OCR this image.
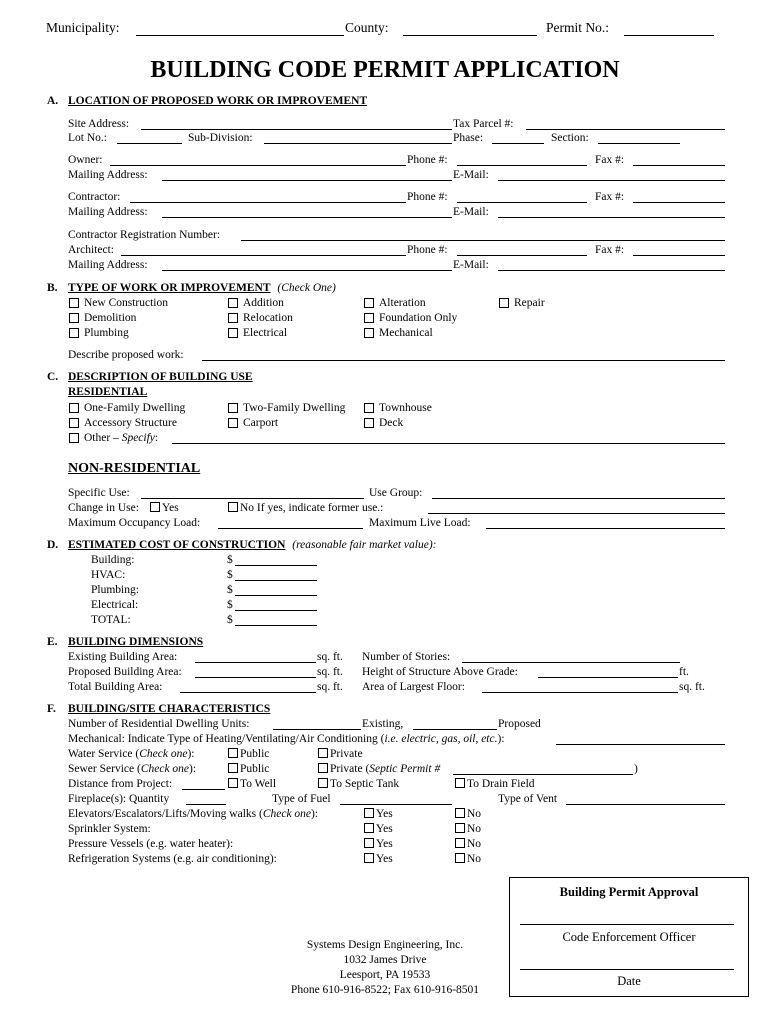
Municipality:	County:	Permit No.:
BUILDING CODE PERMIT APPLICATION
A. LOCATION OF PROPOSED WORK OR IMPROVEMENT
Site Address:	Tax Parcel #:
Lot No.:	Sub-Division:	Phase:	Section:
Owner:	Phone #:	Fax #:
Mailing Address:	E-Mail:
Contractor:	Phone #:	Fax #:
Mailing Address:	E-Mail:
Contractor Registration Number:
Architect:	Phone #:	Fax #:
Mailing Address:	E-Mail:
B. TYPE OF WORK OR IMPROVEMENT (Check One)
New Construction	Addition	Alteration	Repair
Demolition	Relocation	Foundation Only
Plumbing	Electrical	Mechanical
Describe proposed work:
C. DESCRIPTION OF BUILDING USE
RESIDENTIAL
One-Family Dwelling	Two-Family Dwelling	Townhouse
Accessory Structure	Carport	Deck
Other – Specify:
NON-RESIDENTIAL
Specific Use:	Use Group:
Change in Use: Yes	No If yes, indicate former use.:
Maximum Occupancy Load:	Maximum Live Load:
D. ESTIMATED COST OF CONSTRUCTION (reasonable fair market value):
Building:	$
HVAC:	$
Plumbing:	$
Electrical:	$
TOTAL:	$
E. BUILDING DIMENSIONS
Existing Building Area:	sq. ft. Number of Stories:
Proposed Building Area:	sq. ft. Height of Structure Above Grade:	ft.
Total Building Area:	sq. ft. Area of Largest Floor:	sq. ft.
F. BUILDING/SITE CHARACTERISTICS
Number of Residential Dwelling Units:	Existing,	Proposed
Mechanical: Indicate Type of Heating/Ventilating/Air Conditioning (i.e. electric, gas, oil, etc.):
Water Service (Check one):	Public	Private
Sewer Service (Check one):	Public	Private (Septic Permit #	)
Distance from Project:	To Well	To Septic Tank	To Drain Field
Fireplace(s): Quantity	Type of Fuel	Type of Vent
Elevators/Escalators/Lifts/Moving walks (Check one):	Yes	No
Sprinkler System:	Yes	No
Pressure Vessels (e.g. water heater):	Yes	No
Refrigeration Systems (e.g. air conditioning):	Yes	No
Systems Design Engineering, Inc.
1032 James Drive
Leesport, PA 19533
Phone 610-916-8522; Fax 610-916-8501
Building Permit Approval
Code Enforcement Officer
Date
